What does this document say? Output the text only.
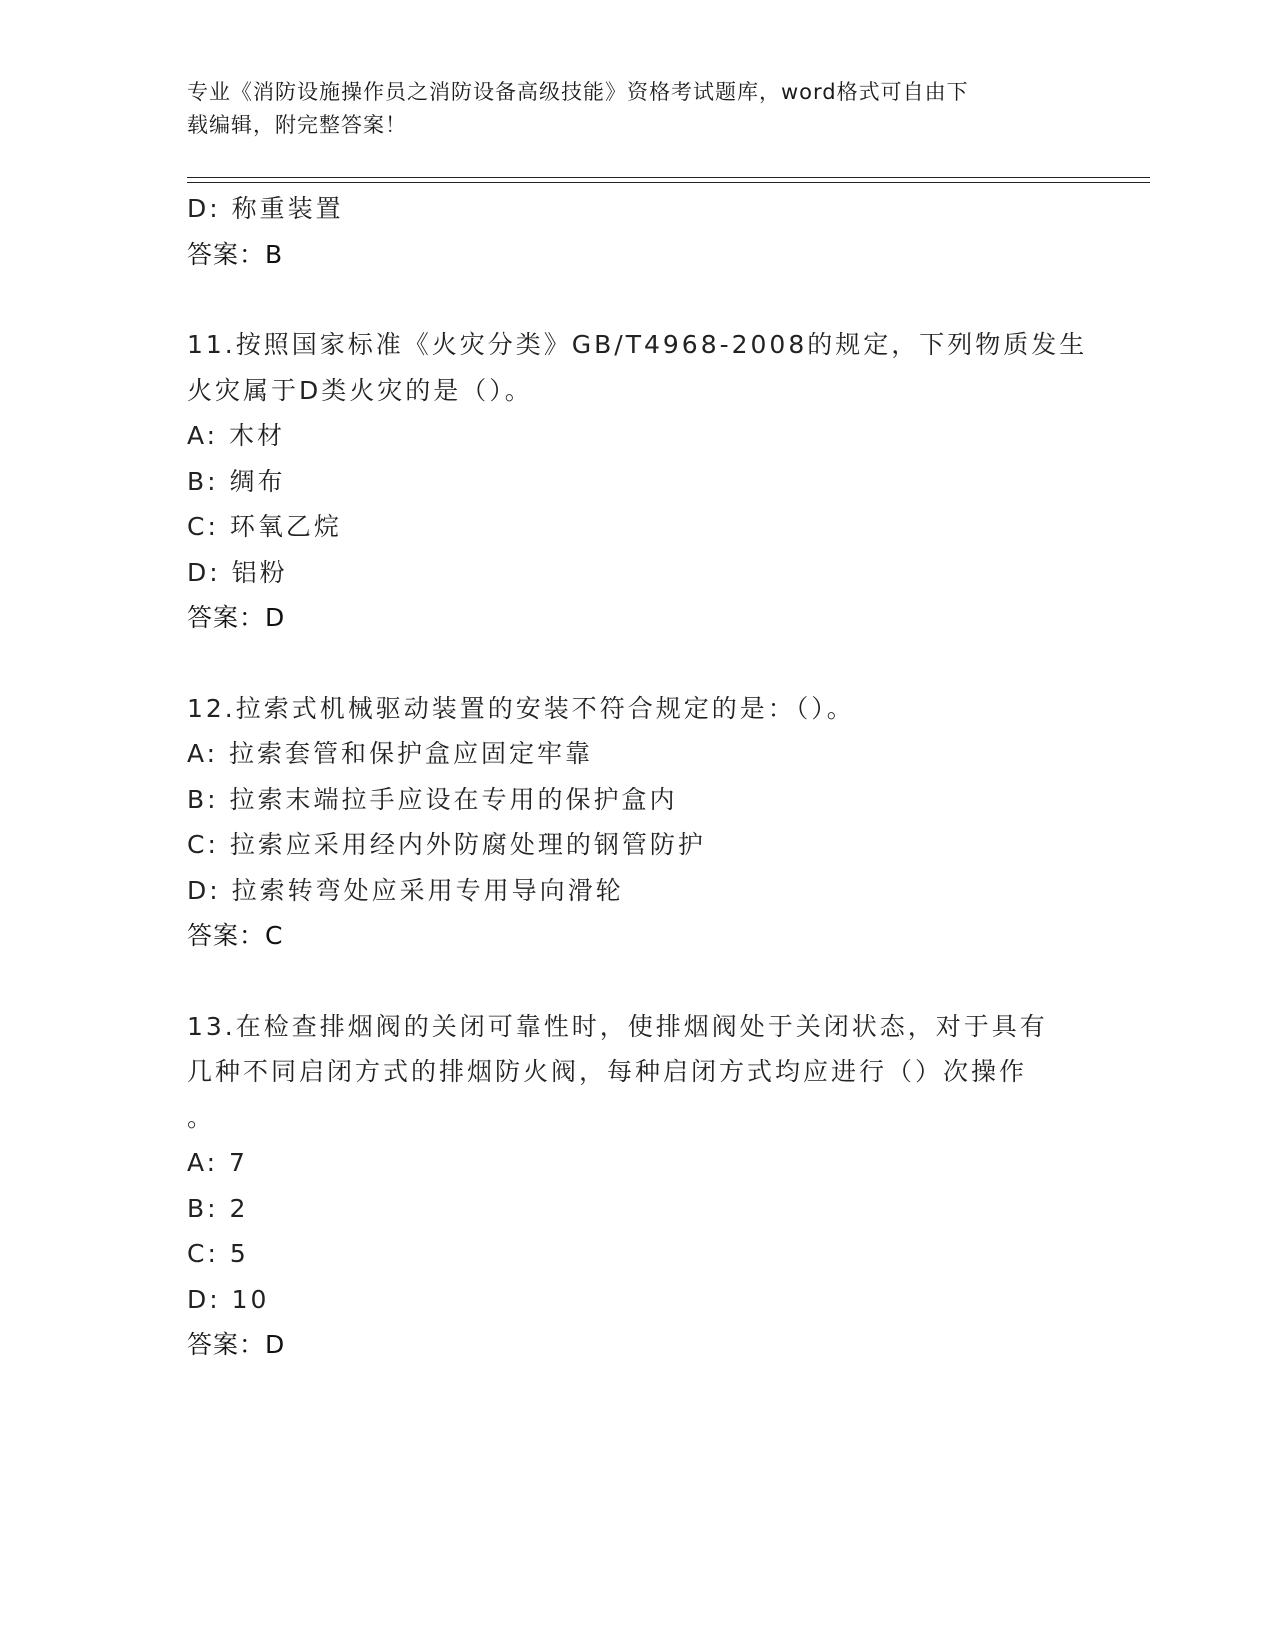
专业《消防设施操作员之消防设备高级技能》资格考试题库，word格式可自由下
载编辑，附完整答案！
D: 称重装置
答案：B
11.按照国家标准《火灾分类》GB/T4968-2008的规定，下列物质发生
火灾属于D类火灾的是（）。
A: 木材
B: 绸布
C: 环氧乙烷
D: 铝粉
答案：D
12.拉索式机械驱动装置的安装不符合规定的是：（）。
A: 拉索套管和保护盒应固定牢靠
B: 拉索末端拉手应设在专用的保护盒内
C: 拉索应采用经内外防腐处理的钢管防护
D: 拉索转弯处应采用专用导向滑轮
答案：C
13.在检查排烟阀的关闭可靠性时，使排烟阀处于关闭状态，对于具有
几种不同启闭方式的排烟防火阀，每种启闭方式均应进行（）次操作
。
A: 7
B: 2
C: 5
D: 10
答案：D
